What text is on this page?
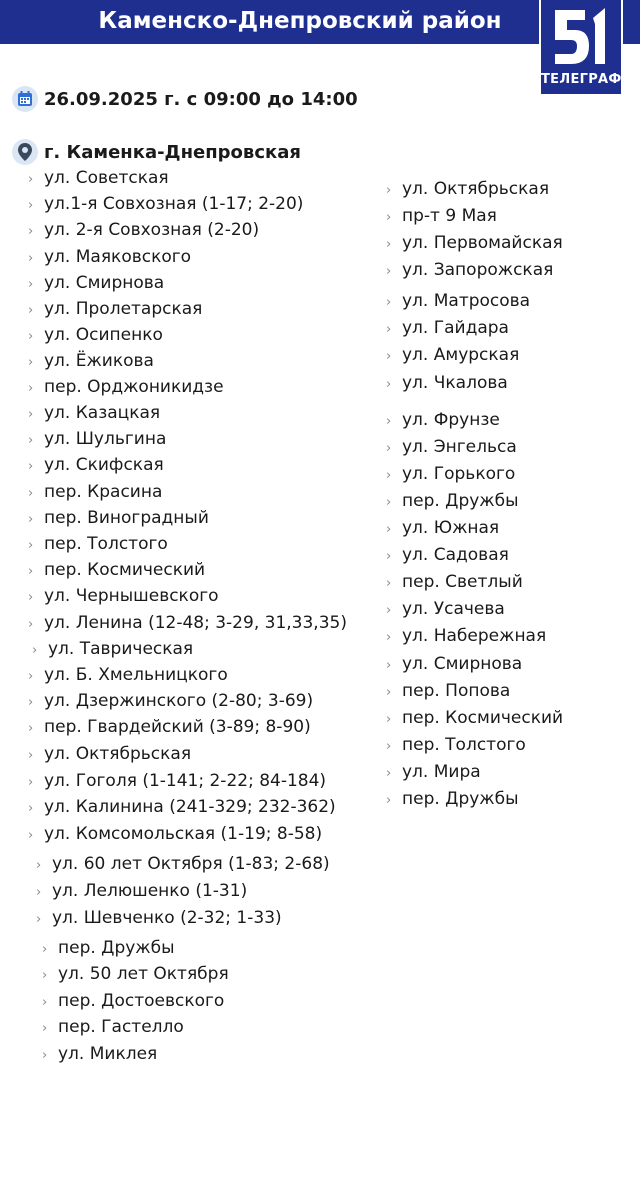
Каменско-Днепровский район
ТЕЛЕГРАФ
26.09.2025 г. с 09:00 до 14:00
г. Каменка-Днепровская
› ул. Советская
› ул.1-я Совхозная (1-17; 2-20)
› ул. 2-я Совхозная (2-20)
› ул. Маяковского
› ул. Смирнова
› ул. Пролетарская
› ул. Осипенко
› ул. Ёжикова
› пер. Орджоникидзе
› ул. Казацкая
› ул. Шульгина
› ул. Скифская
› пер. Красина
› пер. Виноградный
› пер. Толстого
› пер. Космический
› ул. Чернышевского
› ул. Ленина (12-48; 3-29, 31,33,35)
› ул. Таврическая
› ул. Б. Хмельницкого
› ул. Дзержинского (2-80; 3-69)
› пер. Гвардейский (3-89; 8-90)
› ул. Октябрьская
› ул. Гоголя (1-141; 2-22; 84-184)
› ул. Калинина (241-329; 232-362)
› ул. Комсомольская (1-19; 8-58)
› ул. 60 лет Октября (1-83; 2-68)
› ул. Лелюшенко (1-31)
› ул. Шевченко (2-32; 1-33)
› пер. Дружбы
› ул. 50 лет Октября
› пер. Достоевского
› пер. Гастелло
› ул. Миклея
› ул. Октябрьская
› пр-т 9 Мая
› ул. Первомайская
› ул. Запорожская
› ул. Матросова
› ул. Гайдара
› ул. Амурская
› ул. Чкалова
› ул. Фрунзе
› ул. Энгельса
› ул. Горького
› пер. Дружбы
› ул. Южная
› ул. Садовая
› пер. Светлый
› ул. Усачева
› ул. Набережная
› ул. Смирнова
› пер. Попова
› пер. Космический
› пер. Толстого
› ул. Мира
› пер. Дружбы
